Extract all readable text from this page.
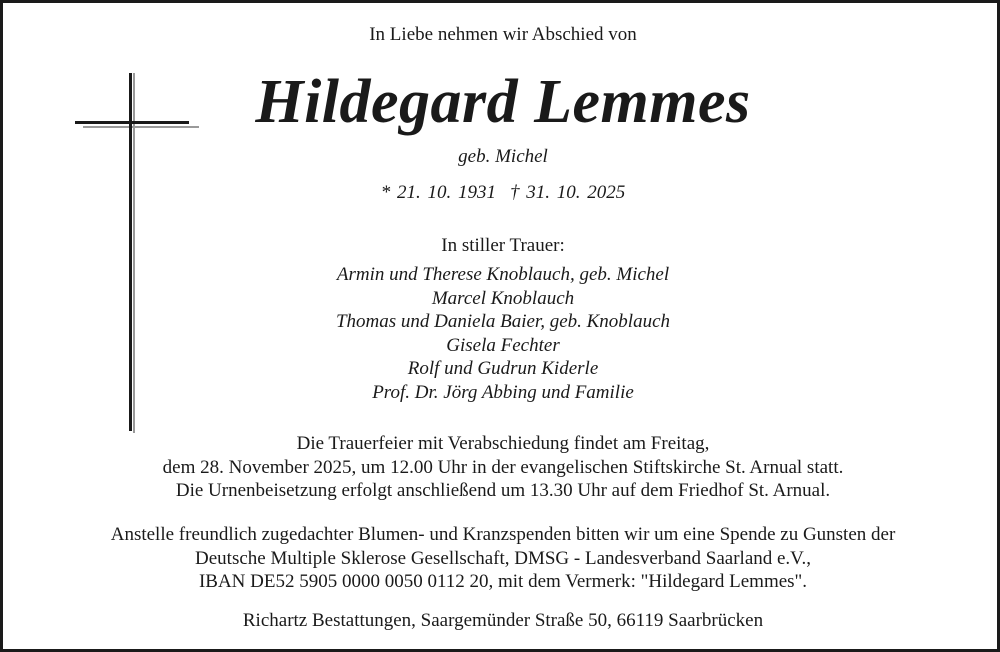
In Liebe nehmen wir Abschied von
Hildegard Lemmes
geb. Michel
* 21. 10. 1931 † 31. 10. 2025
In stiller Trauer:
Armin und Therese Knoblauch, geb. Michel
Marcel Knoblauch
Thomas und Daniela Baier, geb. Knoblauch
Gisela Fechter
Rolf und Gudrun Kiderle
Prof. Dr. Jörg Abbing und Familie
Die Trauerfeier mit Verabschiedung findet am Freitag,
dem 28. November 2025, um 12.00 Uhr in der evangelischen Stiftskirche St. Arnual statt.
Die Urnenbeisetzung erfolgt anschließend um 13.30 Uhr auf dem Friedhof St. Arnual.
Anstelle freundlich zugedachter Blumen- und Kranzspenden bitten wir um eine Spende zu Gunsten der
Deutsche Multiple Sklerose Gesellschaft, DMSG - Landesverband Saarland e.V.,
IBAN DE52 5905 0000 0050 0112 20, mit dem Vermerk: "Hildegard Lemmes".
Richartz Bestattungen, Saargemünder Straße 50, 66119 Saarbrücken
